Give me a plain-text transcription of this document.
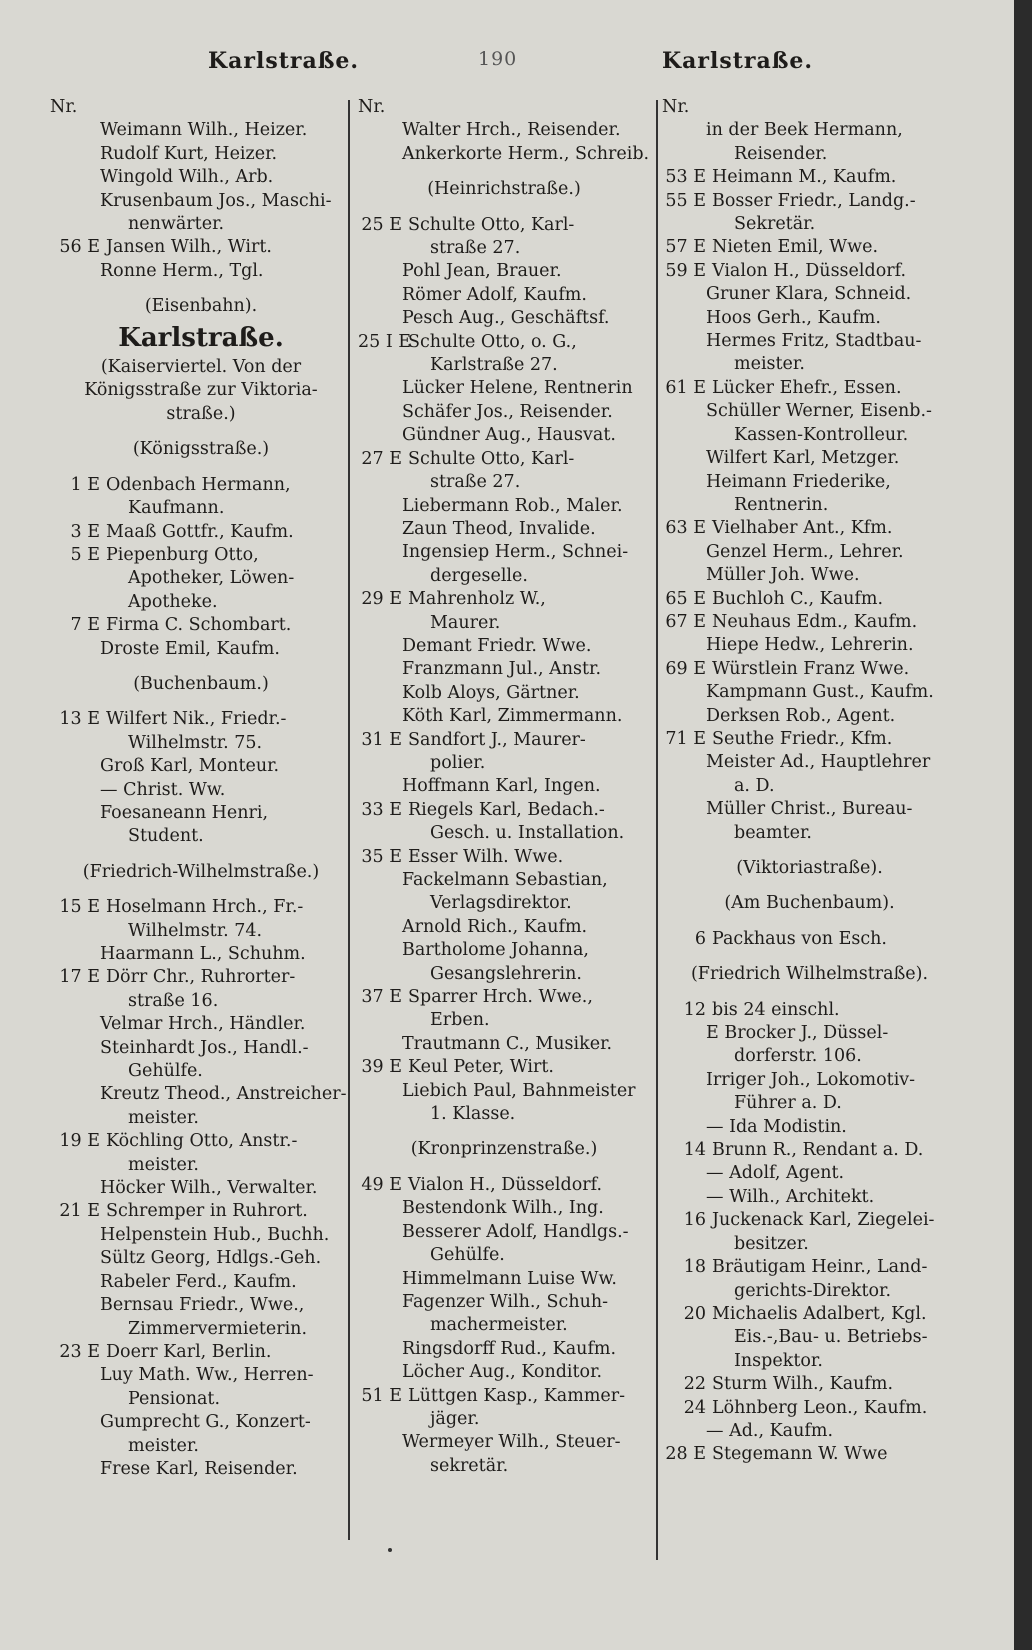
Karlstraße.	190	Karlstraße.
Nr.
Weimann Wilh., Heizer.
Rudolf Kurt, Heizer.
Wingold Wilh., Arb.
Krusenbaum Jos., Maschi-
nenwärter.
56 E Jansen Wilh., Wirt.
Ronne Herm., Tgl.
(Eisenbahn).
Karlstraße.
(Kaiserviertel. Von der
Königsstraße zur Viktoria-
straße.)
(Königsstraße.)
1 E Odenbach Hermann,
Kaufmann.
3 E Maaß Gottfr., Kaufm.
5 E Piepenburg Otto,
Apotheker, Löwen-
Apotheke.
7 E Firma C. Schombart.
Droste Emil, Kaufm.
(Buchenbaum.)
13 E Wilfert Nik., Friedr.-
Wilhelmstr. 75.
Groß Karl, Monteur.
— Christ. Ww.
Foesaneann Henri,
Student.
(Friedrich-Wilhelmstraße.)
15 E Hoselmann Hrch., Fr.-
Wilhelmstr. 74.
Haarmann L., Schuhm.
17 E Dörr Chr., Ruhrorter-
straße 16.
Velmar Hrch., Händler.
Steinhardt Jos., Handl.-
Gehülfe.
Kreutz Theod., Anstreicher-
meister.
19 E Köchling Otto, Anstr.-
meister.
Höcker Wilh., Verwalter.
21 E Schremper in Ruhrort.
Helpenstein Hub., Buchh.
Sültz Georg, Hdlgs.-Geh.
Rabeler Ferd., Kaufm.
Bernsau Friedr., Wwe.,
Zimmervermieterin.
23 E Doerr Karl, Berlin.
Luy Math. Ww., Herren-
Pensionat.
Gumprecht G., Konzert-
meister.
Frese Karl, Reisender.
Nr.
Walter Hrch., Reisender.
Ankerkorte Herm., Schreib.
(Heinrichstraße.)
25 E Schulte Otto, Karl-
straße 27.
Pohl Jean, Brauer.
Römer Adolf, Kaufm.
Pesch Aug., Geschäftsf.
25 I ESchulte Otto, o. G.,
Karlstraße 27.
Lücker Helene, Rentnerin
Schäfer Jos., Reisender.
Gündner Aug., Hausvat.
27 E Schulte Otto, Karl-
straße 27.
Liebermann Rob., Maler.
Zaun Theod, Invalide.
Ingensiep Herm., Schnei-
dergeselle.
29 E Mahrenholz W.,
Maurer.
Demant Friedr. Wwe.
Franzmann Jul., Anstr.
Kolb Aloys, Gärtner.
Köth Karl, Zimmermann.
31 E Sandfort J., Maurer-
polier.
Hoffmann Karl, Ingen.
33 E Riegels Karl, Bedach.-
Gesch. u. Installation.
35 E Esser Wilh. Wwe.
Fackelmann Sebastian,
Verlagsdirektor.
Arnold Rich., Kaufm.
Bartholome Johanna,
Gesangslehrerin.
37 E Sparrer Hrch. Wwe.,
Erben.
Trautmann C., Musiker.
39 E Keul Peter, Wirt.
Liebich Paul, Bahnmeister
1. Klasse.
(Kronprinzenstraße.)
49 E Vialon H., Düsseldorf.
Bestendonk Wilh., Ing.
Besserer Adolf, Handlgs.-
Gehülfe.
Himmelmann Luise Ww.
Fagenzer Wilh., Schuh-
machermeister.
Ringsdorff Rud., Kaufm.
Löcher Aug., Konditor.
51 E Lüttgen Kasp., Kammer-
jäger.
Wermeyer Wilh., Steuer-
sekretär.
Nr.
in der Beek Hermann,
Reisender.
53 E Heimann M., Kaufm.
55 E Bosser Friedr., Landg.-
Sekretär.
57 E Nieten Emil, Wwe.
59 E Vialon H., Düsseldorf.
Gruner Klara, Schneid.
Hoos Gerh., Kaufm.
Hermes Fritz, Stadtbau-
meister.
61 E Lücker Ehefr., Essen.
Schüller Werner, Eisenb.-
Kassen-Kontrolleur.
Wilfert Karl, Metzger.
Heimann Friederike,
Rentnerin.
63 E Vielhaber Ant., Kfm.
Genzel Herm., Lehrer.
Müller Joh. Wwe.
65 E Buchloh C., Kaufm.
67 E Neuhaus Edm., Kaufm.
Hiepe Hedw., Lehrerin.
69 E Würstlein Franz Wwe.
Kampmann Gust., Kaufm.
Derksen Rob., Agent.
71 E Seuthe Friedr., Kfm.
Meister Ad., Hauptlehrer
a. D.
Müller Christ., Bureau-
beamter.
(Viktoriastraße).
(Am Buchenbaum).
6 Packhaus von Esch.
(Friedrich Wilhelmstraße).
12 bis 24 einschl.
E Brocker J., Düssel-
dorferstr. 106.
Irriger Joh., Lokomotiv-
Führer a. D.
— Ida Modistin.
14 Brunn R., Rendant a. D.
— Adolf, Agent.
— Wilh., Architekt.
16 Juckenack Karl, Ziegelei-
besitzer.
18 Bräutigam Heinr., Land-
gerichts-Direktor.
20 Michaelis Adalbert, Kgl.
Eis.-,Bau- u. Betriebs-
Inspektor.
22 Sturm Wilh., Kaufm.
24 Löhnberg Leon., Kaufm.
— Ad., Kaufm.
28 E Stegemann W. Wwe
